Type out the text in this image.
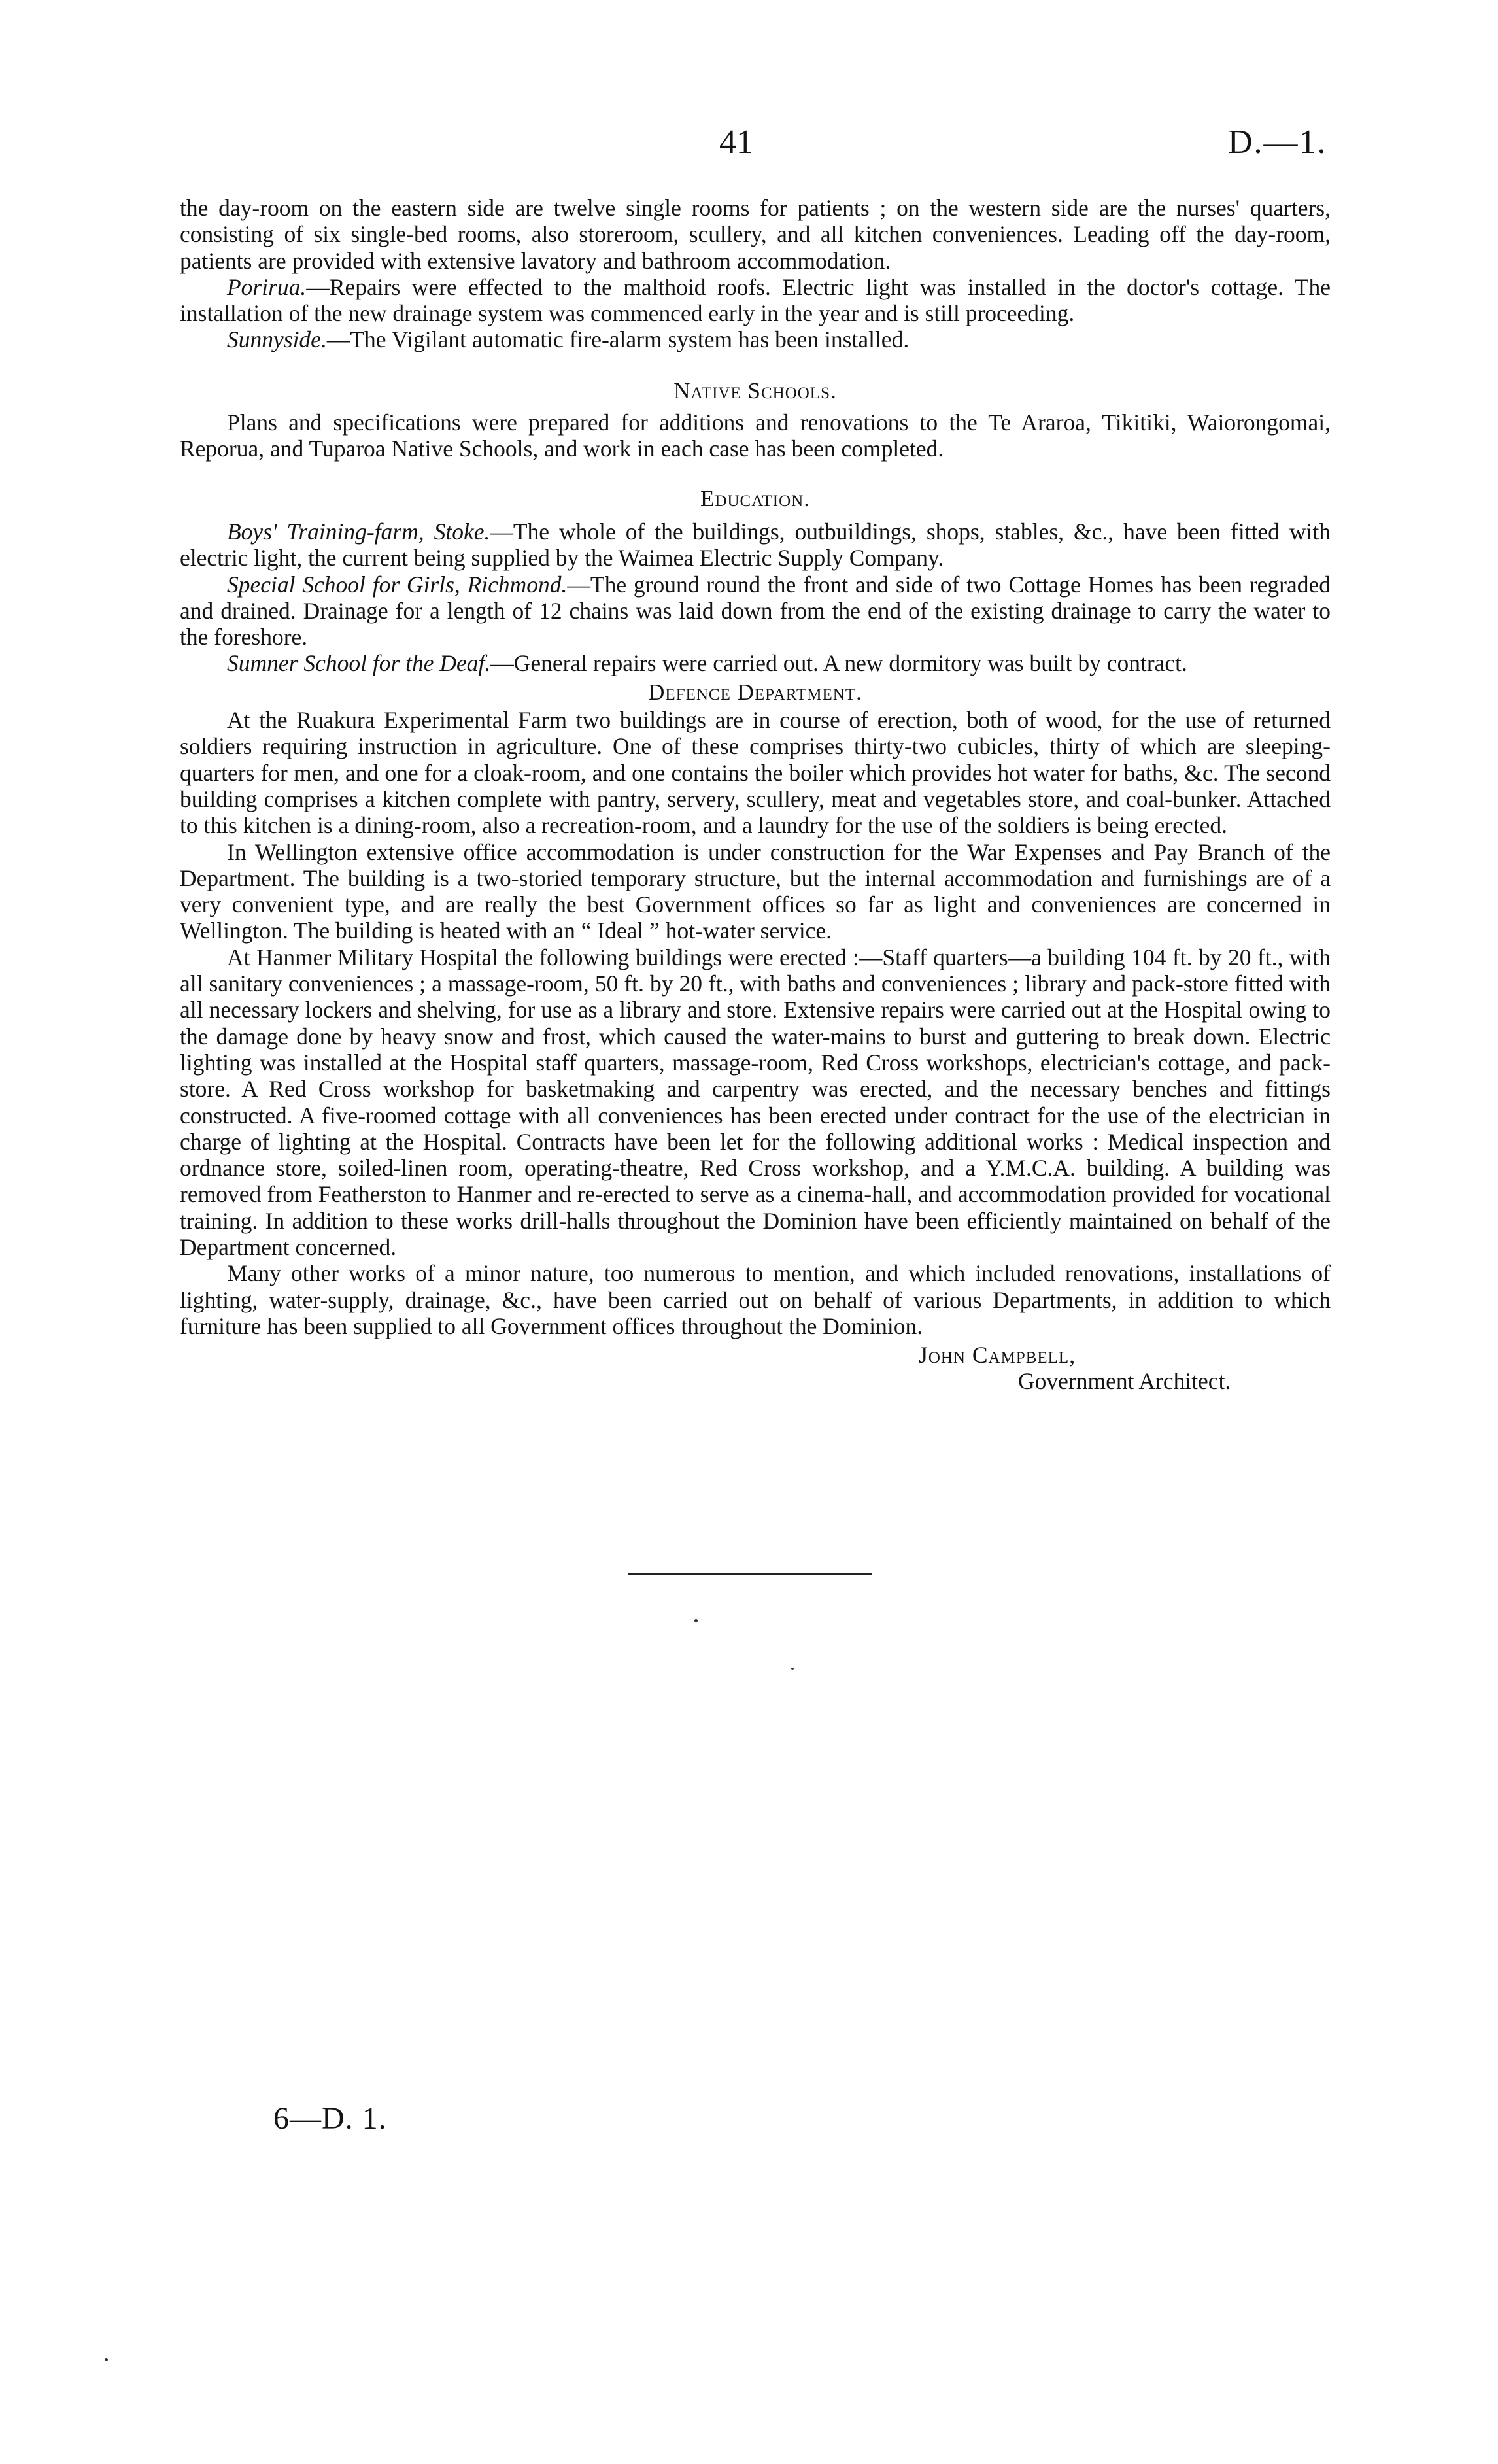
41	D.—1.

the day-room on the eastern side are twelve single rooms for patients ; on the western side are the nurses' quarters, consisting of six single-bed rooms, also storeroom, scullery, and all kitchen conveniences. Leading off the day-room, patients are provided with extensive lavatory and bathroom accommodation.

Porirua.—Repairs were effected to the malthoid roofs. Electric light was installed in the doctor's cottage. The installation of the new drainage system was commenced early in the year and is still proceeding.

Sunnyside.—The Vigilant automatic fire-alarm system has been installed.

Native Schools.

Plans and specifications were prepared for additions and renovations to the Te Araroa, Tikitiki, Waiorongomai, Reporua, and Tuparoa Native Schools, and work in each case has been completed.

Education.

Boys' Training-farm, Stoke.—The whole of the buildings, outbuildings, shops, stables, &c., have been fitted with electric light, the current being supplied by the Waimea Electric Supply Company.

Special School for Girls, Richmond.—The ground round the front and side of two Cottage Homes has been regraded and drained. Drainage for a length of 12 chains was laid down from the end of the existing drainage to carry the water to the foreshore.

Sumner School for the Deaf.—General repairs were carried out. A new dormitory was built by contract.

Defence Department.

At the Ruakura Experimental Farm two buildings are in course of erection, both of wood, for the use of returned soldiers requiring instruction in agriculture. One of these comprises thirty-two cubicles, thirty of which are sleeping-quarters for men, and one for a cloak-room, and one contains the boiler which provides hot water for baths, &c. The second building comprises a kitchen complete with pantry, servery, scullery, meat and vegetables store, and coal-bunker. Attached to this kitchen is a dining-room, also a recreation-room, and a laundry for the use of the soldiers is being erected.

In Wellington extensive office accommodation is under construction for the War Expenses and Pay Branch of the Department. The building is a two-storied temporary structure, but the internal accommodation and furnishings are of a very convenient type, and are really the best Government offices so far as light and conveniences are concerned in Wellington. The building is heated with an “ Ideal ” hot-water service.

At Hanmer Military Hospital the following buildings were erected :—Staff quarters—a building 104 ft. by 20 ft., with all sanitary conveniences ; a massage-room, 50 ft. by 20 ft., with baths and conveniences ; library and pack-store fitted with all necessary lockers and shelving, for use as a library and store. Extensive repairs were carried out at the Hospital owing to the damage done by heavy snow and frost, which caused the water-mains to burst and guttering to break down. Electric lighting was installed at the Hospital staff quarters, massage-room, Red Cross workshops, electrician's cottage, and pack-store. A Red Cross workshop for basketmaking and carpentry was erected, and the necessary benches and fittings constructed. A five-roomed cottage with all conveniences has been erected under contract for the use of the electrician in charge of lighting at the Hospital. Contracts have been let for the following additional works : Medical inspection and ordnance store, soiled-linen room, operating-theatre, Red Cross workshop, and a Y.M.C.A. building. A building was removed from Featherston to Hanmer and re-erected to serve as a cinema-hall, and accommodation provided for vocational training. In addition to these works drill-halls throughout the Dominion have been efficiently maintained on behalf of the Department concerned.

Many other works of a minor nature, too numerous to mention, and which included renovations, installations of lighting, water-supply, drainage, &c., have been carried out on behalf of various Departments, in addition to which furniture has been supplied to all Government offices throughout the Dominion.

John Campbell,
Government Architect.
6—D. 1.
